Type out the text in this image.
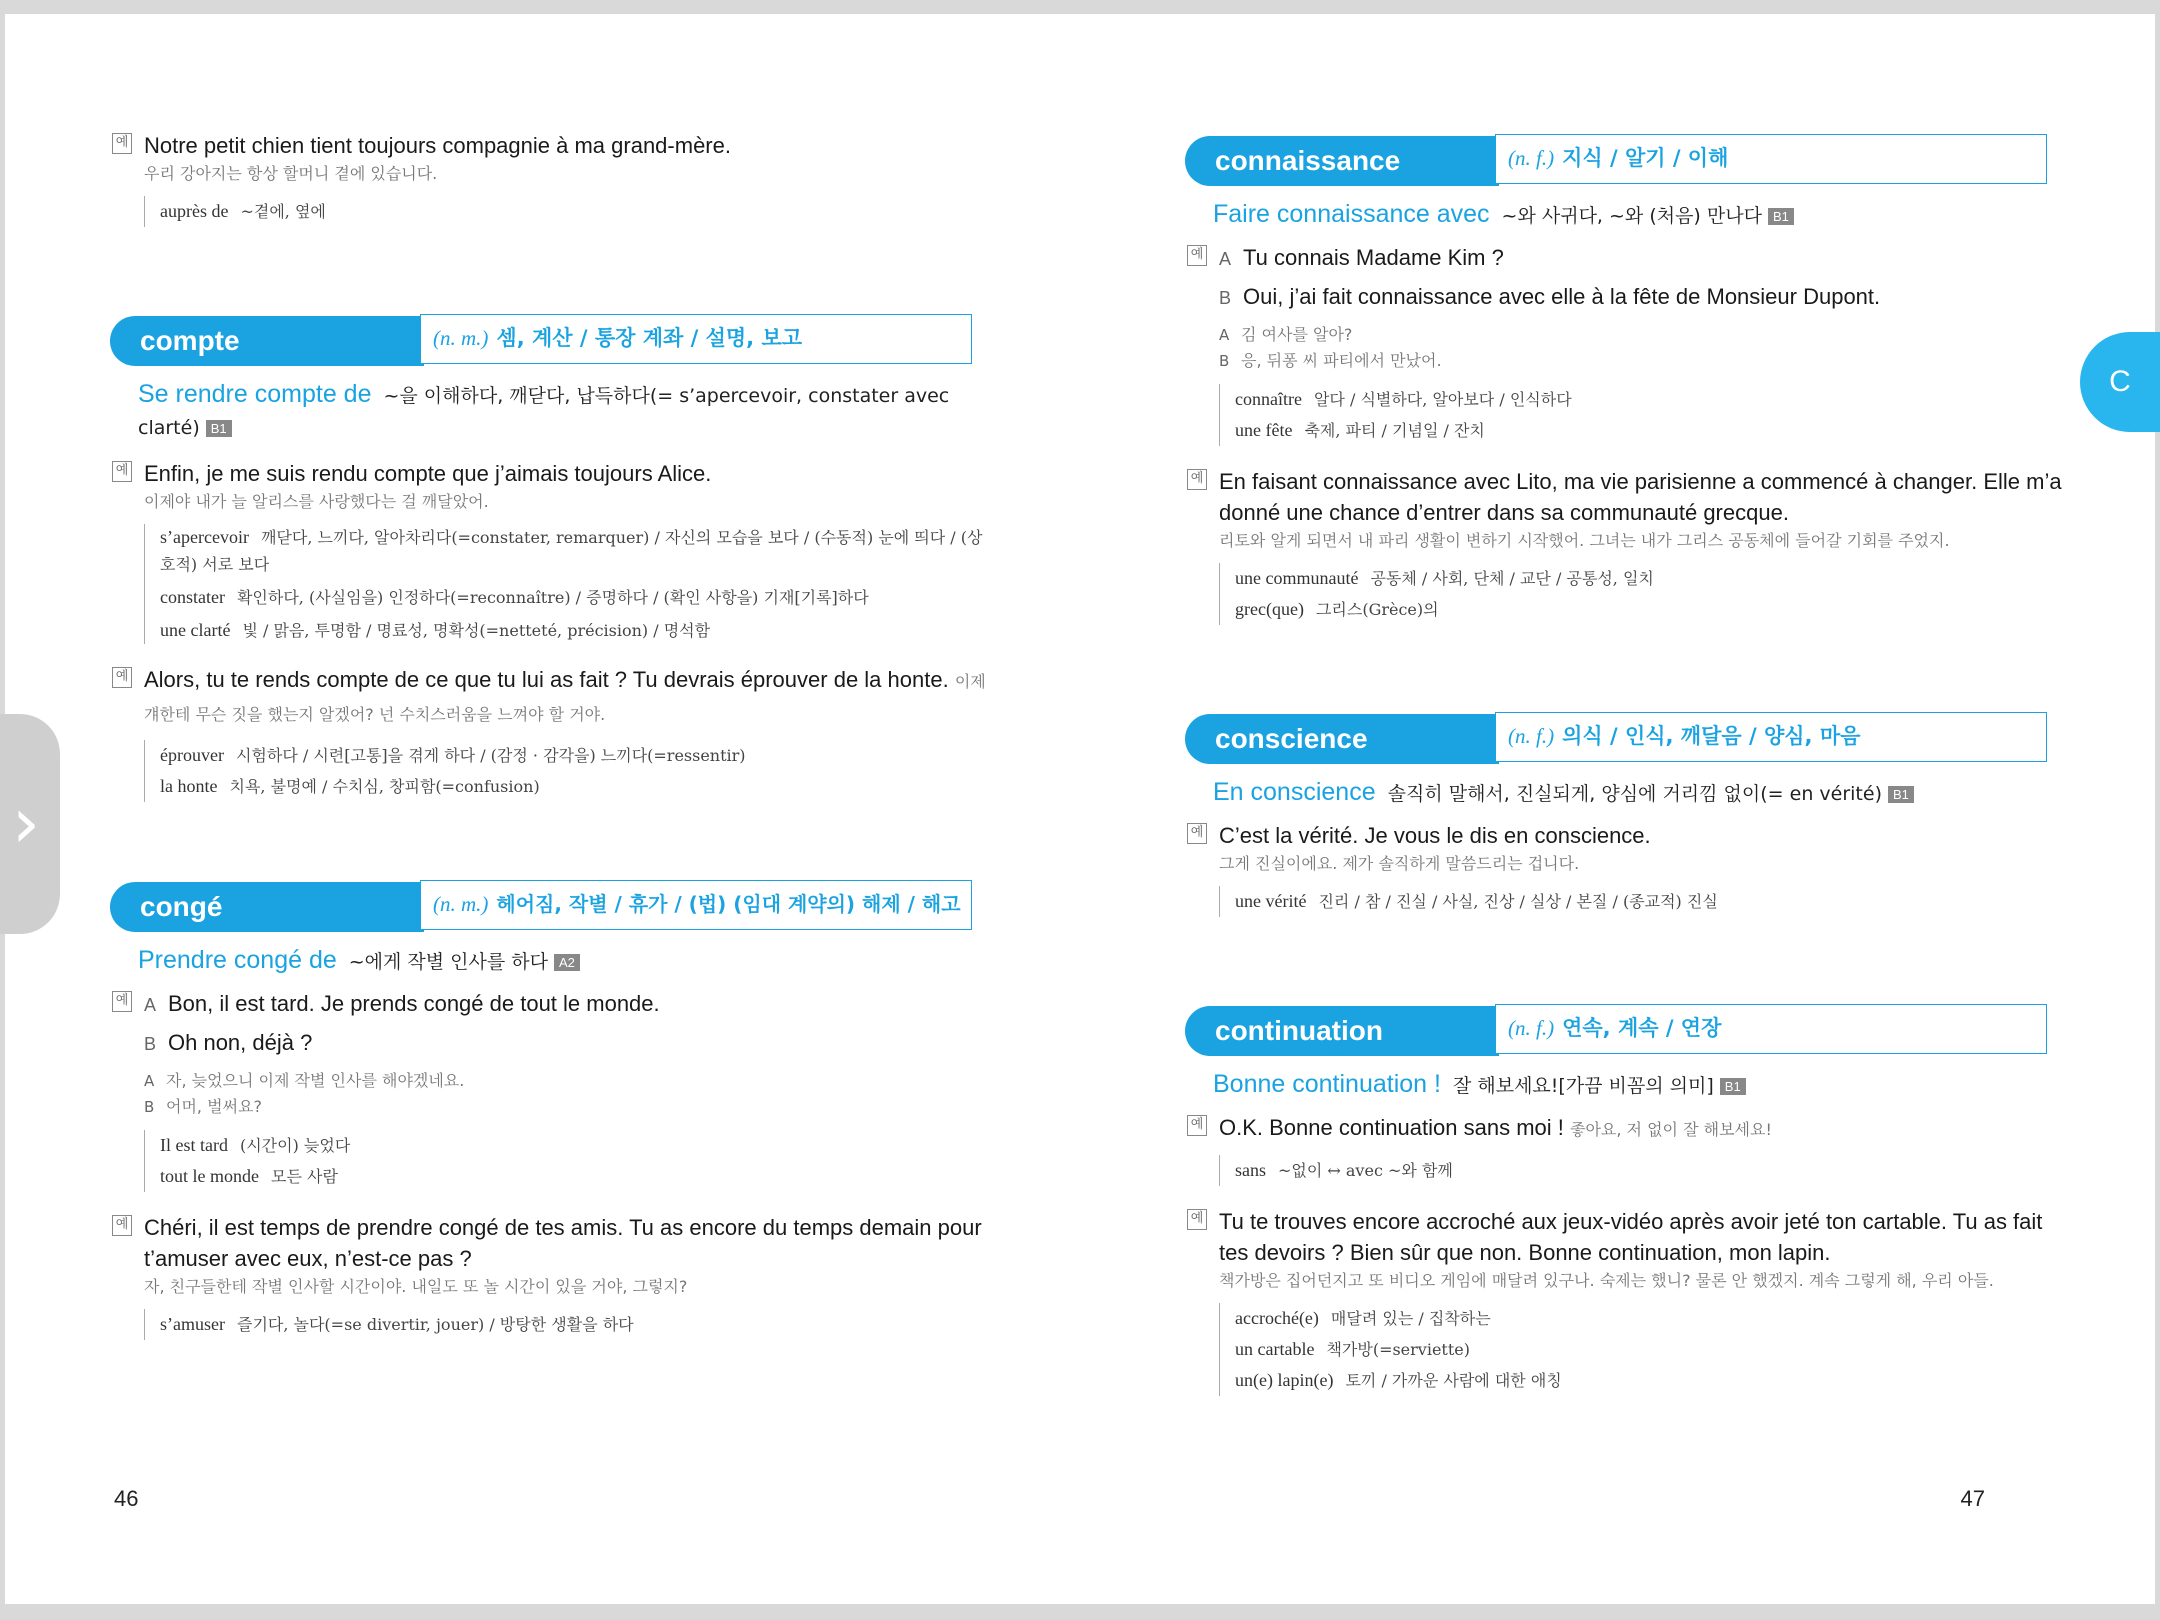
›
C
예 Notre petit chien tient toujours compagnie à ma grand-mère.
우리 강아지는 항상 할머니 곁에 있습니다.
auprès de ~곁에, 옆에
compte	(n. m.) 셈, 계산 / 통장 계좌 / 설명, 보고
Se rendre compte de ~을 이해하다, 깨닫다, 납득하다(= s’apercevoir, constater avec clarté) B1
예 Enfin, je me suis rendu compte que j’aimais toujours Alice.
이제야 내가 늘 알리스를 사랑했다는 걸 깨달았어.
s’apercevoir 깨닫다, 느끼다, 알아차리다(=constater, remarquer) / 자신의 모습을 보다 / (수동적) 눈에 띄다 / (상호적) 서로 보다
constater 확인하다, (사실임을) 인정하다(=reconnaître) / 증명하다 / (확인 사항을) 기재[기록]하다
une clarté 빛 / 맑음, 투명함 / 명료성, 명확성(=netteté, précision) / 명석함
예 Alors, tu te rends compte de ce que tu lui as fait ? Tu devrais éprouver de la honte. 이제 걔한테 무슨 짓을 했는지 알겠어? 넌 수치스러움을 느껴야 할 거야.
éprouver 시험하다 / 시련[고통]을 겪게 하다 / (감정 · 감각을) 느끼다(=ressentir)
la honte 치욕, 불명예 / 수치심, 창피함(=confusion)
congé	(n. m.) 헤어짐, 작별 / 휴가 / (법) (임대 계약의) 해제 / 해고
Prendre congé de ~에게 작별 인사를 하다 A2
예 A Bon, il est tard. Je prends congé de tout le monde.
B Oh non, déjà ?
A 자, 늦었으니 이제 작별 인사를 해야겠네요.
B 어머, 벌써요?
Il est tard (시간이) 늦었다
tout le monde 모든 사람
예 Chéri, il est temps de prendre congé de tes amis. Tu as encore du temps demain pour t’amuser avec eux, n’est-ce pas ?
자, 친구들한테 작별 인사할 시간이야. 내일도 또 놀 시간이 있을 거야, 그렇지?
s’amuser 즐기다, 놀다(=se divertir, jouer) / 방탕한 생활을 하다
46
connaissance	(n. f.) 지식 / 알기 / 이해
Faire connaissance avec ~와 사귀다, ~와 (처음) 만나다 B1
예 A Tu connais Madame Kim ?
B Oui, j’ai fait connaissance avec elle à la fête de Monsieur Dupont.
A 김 여사를 알아?
B 응, 뒤퐁 씨 파티에서 만났어.
connaître 알다 / 식별하다, 알아보다 / 인식하다
une fête 축제, 파티 / 기념일 / 잔치
예 En faisant connaissance avec Lito, ma vie parisienne a commencé à changer. Elle m’a donné une chance d’entrer dans sa communauté grecque.
리토와 알게 되면서 내 파리 생활이 변하기 시작했어. 그녀는 내가 그리스 공동체에 들어갈 기회를 주었지.
une communauté 공동체 / 사회, 단체 / 교단 / 공통성, 일치
grec(que) 그리스(Grèce)의
conscience	(n. f.) 의식 / 인식, 깨달음 / 양심, 마음
En conscience 솔직히 말해서, 진실되게, 양심에 거리낌 없이(= en vérité) B1
예 C’est la vérité. Je vous le dis en conscience.
그게 진실이에요. 제가 솔직하게 말씀드리는 겁니다.
une vérité 진리 / 참 / 진실 / 사실, 진상 / 실상 / 본질 / (종교적) 진실
continuation	(n. f.) 연속, 계속 / 연장
Bonne continuation ! 잘 해보세요![가끔 비꼼의 의미] B1
예 O.K. Bonne continuation sans moi ! 좋아요, 저 없이 잘 해보세요!
sans ~없이 ↔ avec ~와 함께
예 Tu te trouves encore accroché aux jeux-vidéo après avoir jeté ton cartable. Tu as fait tes devoirs ? Bien sûr que non. Bonne continuation, mon lapin.
책가방은 집어던지고 또 비디오 게임에 매달려 있구나. 숙제는 했니? 물론 안 했겠지. 계속 그렇게 해, 우리 아들.
accroché(e) 매달려 있는 / 집착하는
un cartable 책가방(=serviette)
un(e) lapin(e) 토끼 / 가까운 사람에 대한 애칭
47
